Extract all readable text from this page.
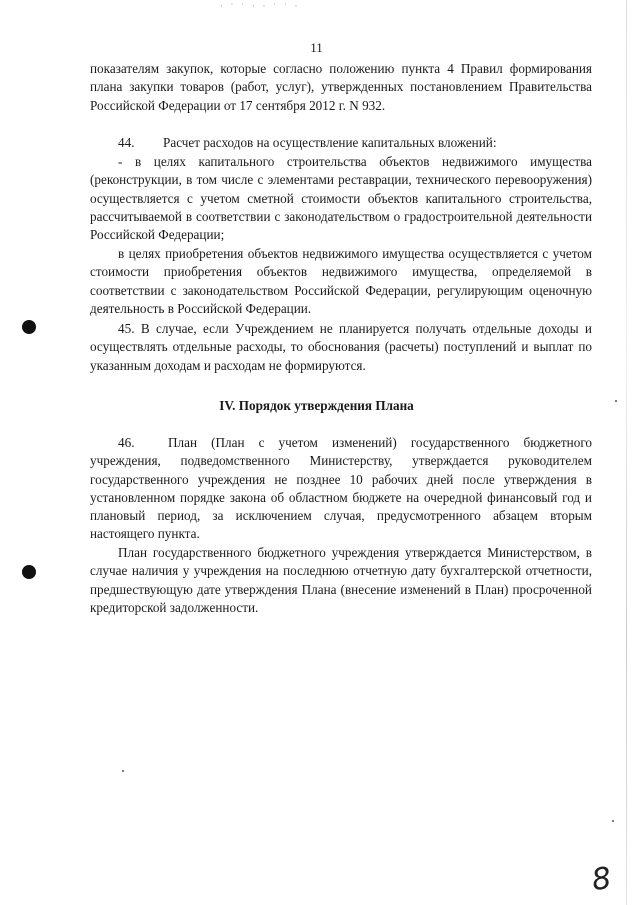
· ˙ ˙ · · ˙ ˙ ·
11

показателям закупок, которые согласно положению пункта 4 Правил формирования плана закупки товаров (работ, услуг), утвержденных постановлением Правительства Российской Федерации от 17 сентября 2012 г. N 932.

44. Расчет расходов на осуществление капитальных вложений:

- в целях капитального строительства объектов недвижимого имущества (реконструкции, в том числе с элементами реставрации, технического перевооружения) осуществляется с учетом сметной стоимости объектов капитального строительства, рассчитываемой в соответствии с законодательством о градостроительной деятельности Российской Федерации;

в целях приобретения объектов недвижимого имущества осуществляется с учетом стоимости приобретения объектов недвижимого имущества, определяемой в соответствии с законодательством Российской Федерации, регулирующим оценочную деятельность в Российской Федерации.

45. В случае, если Учреждением не планируется получать отдельные доходы и осуществлять отдельные расходы, то обоснования (расчеты) поступлений и выплат по указанным доходам и расходам не формируются.

IV. Порядок утверждения Плана
46.	План (План с учетом изменений) государственного бюджетного учреждения, подведомственного Министерству, утверждается руководителем государственного учреждения не позднее 10 рабочих дней после утверждения в установленном порядке закона об областном бюджете на очередной финансовый год и плановый период, за исключением случая, предусмотренного абзацем вторым настоящего пункта.

План государственного бюджетного учреждения утверждается Министерством, в случае наличия у учреждения на последнюю отчетную дату бухгалтерской отчетности, предшествующую дате утверждения Плана (внесение изменений в План) просроченной кредиторской задолженности.

8
